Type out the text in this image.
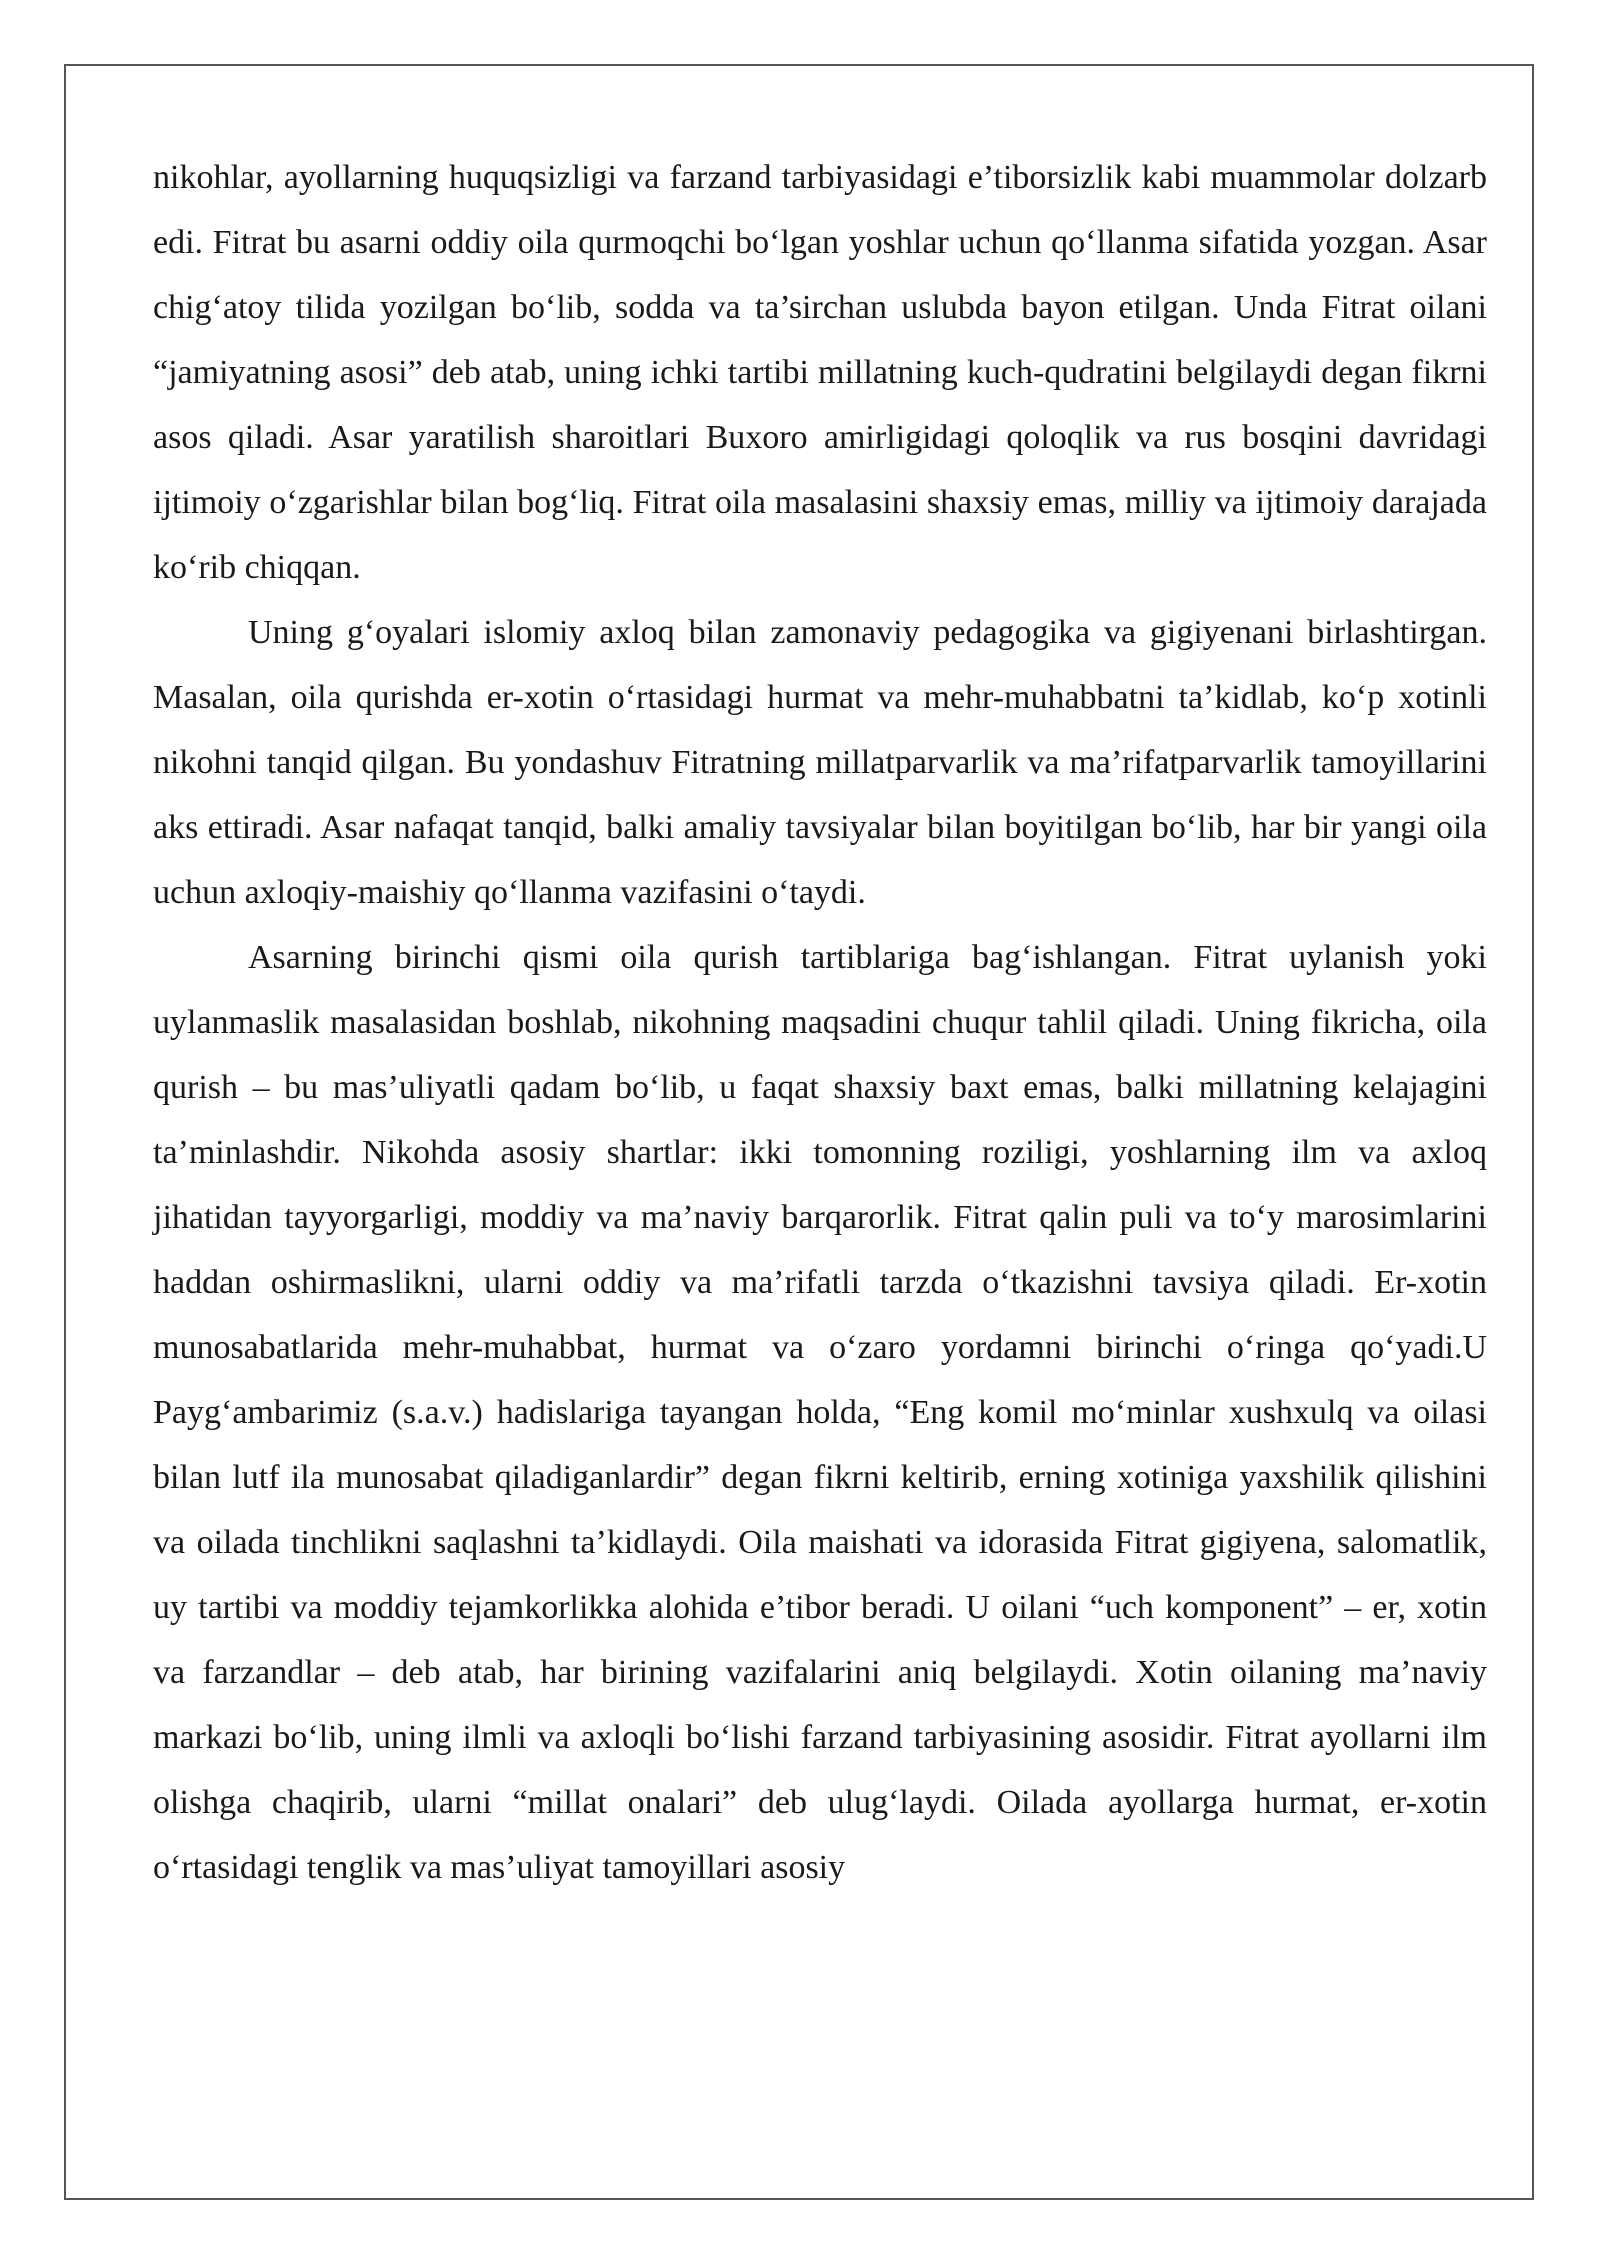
nikohlar, ayollarning huquqsizligi va farzand tarbiyasidagi e’tiborsizlik kabi muammolar dolzarb edi. Fitrat bu asarni oddiy oila qurmoqchi bo‘lgan yoshlar uchun qo‘llanma sifatida yozgan. Asar chig‘atoy tilida yozilgan bo‘lib, sodda va ta’sirchan uslubda bayon etilgan. Unda Fitrat oilani “jamiyatning asosi” deb atab, uning ichki tartibi millatning kuch-qudratini belgilaydi degan fikrni asos qiladi. Asar yaratilish sharoitlari Buxoro amirligidagi qoloqlik va rus bosqini davridagi ijtimoiy o‘zgarishlar bilan bog‘liq. Fitrat oila masalasini shaxsiy emas, milliy va ijtimoiy darajada ko‘rib chiqqan.

Uning g‘oyalari islomiy axloq bilan zamonaviy pedagogika va gigiyenani birlashtirgan. Masalan, oila qurishda er-xotin o‘rtasidagi hurmat va mehr-muhabbatni ta’kidlab, ko‘p xotinli nikohni tanqid qilgan. Bu yondashuv Fitratning millatparvarlik va ma’rifatparvarlik tamoyillarini aks ettiradi. Asar nafaqat tanqid, balki amaliy tavsiyalar bilan boyitilgan bo‘lib, har bir yangi oila uchun axloqiy-maishiy qo‘llanma vazifasini o‘taydi.

Asarning birinchi qismi oila qurish tartiblariga bag‘ishlangan. Fitrat uylanish yoki uylanmaslik masalasidan boshlab, nikohning maqsadini chuqur tahlil qiladi. Uning fikricha, oila qurish – bu mas’uliyatli qadam bo‘lib, u faqat shaxsiy baxt emas, balki millatning kelajagini ta’minlashdir. Nikohda asosiy shartlar: ikki tomonning roziligi, yoshlarning ilm va axloq jihatidan tayyorgarligi, moddiy va ma’naviy barqarorlik. Fitrat qalin puli va to‘y marosimlarini haddan oshirmaslikni, ularni oddiy va ma’rifatli tarzda o‘tkazishni tavsiya qiladi. Er-xotin munosabatlarida mehr-muhabbat, hurmat va o‘zaro yordamni birinchi o‘ringa qo‘yadi.U Payg‘ambarimiz (s.a.v.) hadislariga tayangan holda, “Eng komil mo‘minlar xushxulq va oilasi bilan lutf ila munosabat qiladiganlardir” degan fikrni keltirib, erning xotiniga yaxshilik qilishini va oilada tinchlikni saqlashni ta’kidlaydi. Oila maishati va idorasida Fitrat gigiyena, salomatlik, uy tartibi va moddiy tejamkorlikka alohida e’tibor beradi. U oilani “uch komponent” – er, xotin va farzandlar – deb atab, har birining vazifalarini aniq belgilaydi. Xotin oilaning ma’naviy markazi bo‘lib, uning ilmli va axloqli bo‘lishi farzand tarbiyasining asosidir. Fitrat ayollarni ilm olishga chaqirib, ularni “millat onalari” deb ulug‘laydi. Oilada ayollarga hurmat, er-xotin o‘rtasidagi tenglik va mas’uliyat tamoyillari asosiy
